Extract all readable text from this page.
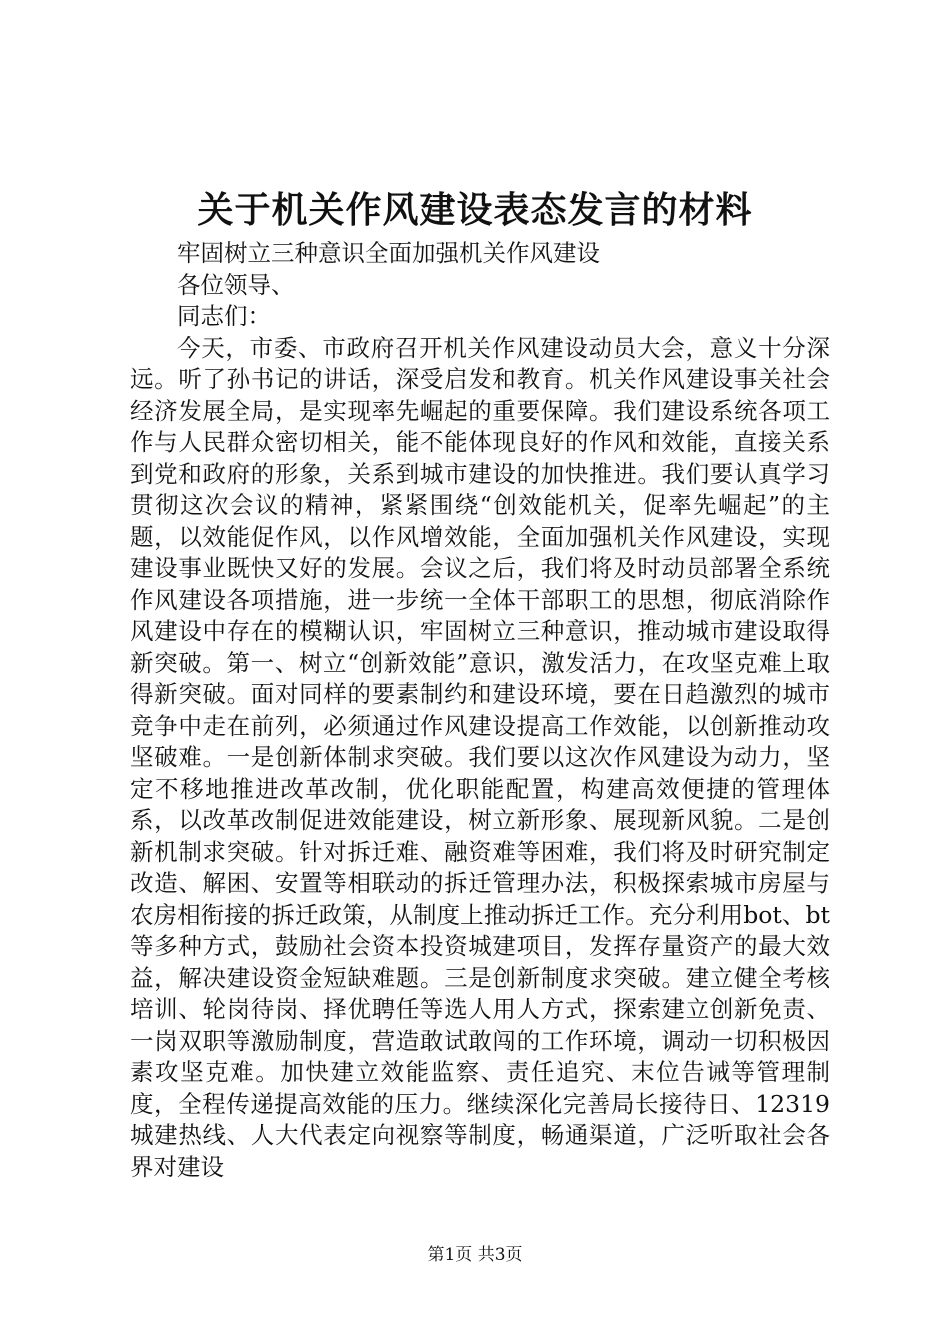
关于机关作风建设表态发言的材料

牢固树立三种意识全面加强机关作风建设

各位领导、

同志们：

今天，市委、市政府召开机关作风建设动员大会，意义十分深远。听了孙书记的讲话，深受启发和教育。机关作风建设事关社会经济发展全局，是实现率先崛起的重要保障。我们建设系统各项工作与人民群众密切相关，能不能体现良好的作风和效能，直接关系到党和政府的形象，关系到城市建设的加快推进。我们要认真学习贯彻这次会议的精神，紧紧围绕“创效能机关，促率先崛起”的主题，以效能促作风，以作风增效能，全面加强机关作风建设，实现建设事业既快又好的发展。会议之后，我们将及时动员部署全系统作风建设各项措施，进一步统一全体干部职工的思想，彻底消除作风建设中存在的模糊认识，牢固树立三种意识，推动城市建设取得新突破。第一、树立“创新效能”意识，激发活力，在攻坚克难上取得新突破。面对同样的要素制约和建设环境，要在日趋激烈的城市竞争中走在前列，必须通过作风建设提高工作效能，以创新推动攻坚破难。一是创新体制求突破。我们要以这次作风建设为动力，坚定不移地推进改革改制，优化职能配置，构建高效便捷的管理体系，以改革改制促进效能建设，树立新形象、展现新风貌。二是创新机制求突破。针对拆迁难、融资难等困难，我们将及时研究制定改造、解困、安置等相联动的拆迁管理办法，积极探索城市房屋与农房相衔接的拆迁政策，从制度上推动拆迁工作。充分利用bot、bt等多种方式，鼓励社会资本投资城建项目，发挥存量资产的最大效益，解决建设资金短缺难题。三是创新制度求突破。建立健全考核培训、轮岗待岗、择优聘任等选人用人方式，探索建立创新免责、一岗双职等激励制度，营造敢试敢闯的工作环境，调动一切积极因素攻坚克难。加快建立效能监察、责任追究、末位告诫等管理制度，全程传递提高效能的压力。继续深化完善局长接待日、12319城建热线、人大代表定向视察等制度，畅通渠道，广泛听取社会各界对建设

第1页 共3页
